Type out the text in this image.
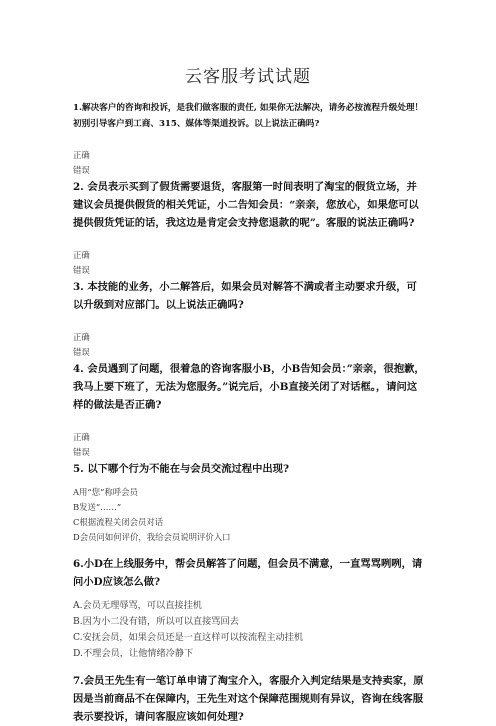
云客服考试试题

1.解决客户的咨询和投诉，是我们做客服的责任, 如果你无法解决，请务必按流程升级处理！初别引导客户到工商、315、媒体等渠道投诉。以上说法正确吗?

正确

错误

2. 会员表示买到了假货需要退货，客服第一时间表明了淘宝的假货立场，并建议会员提供假货的相关凭证，小二告知会员：“亲亲，您放心，如果您可以提供假货凭证的话，我这边是肯定会支持您退款的呢”。客服的说法正确吗?

正确

错误

3. 本技能的业务，小二解答后，如果会员对解答不满或者主动要求升级，可以升级到对应部门。以上说法正确吗?

正确

错误

4. 会员遇到了问题，很着急的咨询客服小B，小B告知会员：”亲亲，很抱歉，我马上要下班了，无法为您服务。”说完后，小B直接关闭了对话框。，请问这样的做法是否正确?

正确

错误

5. 以下哪个行为不能在与会员交流过程中出现?

A用“您”称呼会员

B发送“……”

C根据流程关闭会员对话

D会员问如何评价，我给会员说明评价入口

6.小D在上线服务中，帮会员解答了问题，但会员不满意，一直骂骂咧咧，请问小D应该怎么做?

A.会员无理辱骂，可以直接挂机

B.因为小二没有错，所以可以直接骂回去

C.安抚会员，如果会员还是一直这样可以按流程主动挂机

D.不理会员，让他情绪冷静下

7.会员王先生有一笔订单申请了淘宝介入，客服介入判定结果是支持卖家，原因是当前商品不在保障内，王先生对这个保障范围规则有异议，咨询在线客服表示要投诉，请问客服应该如何处理?
